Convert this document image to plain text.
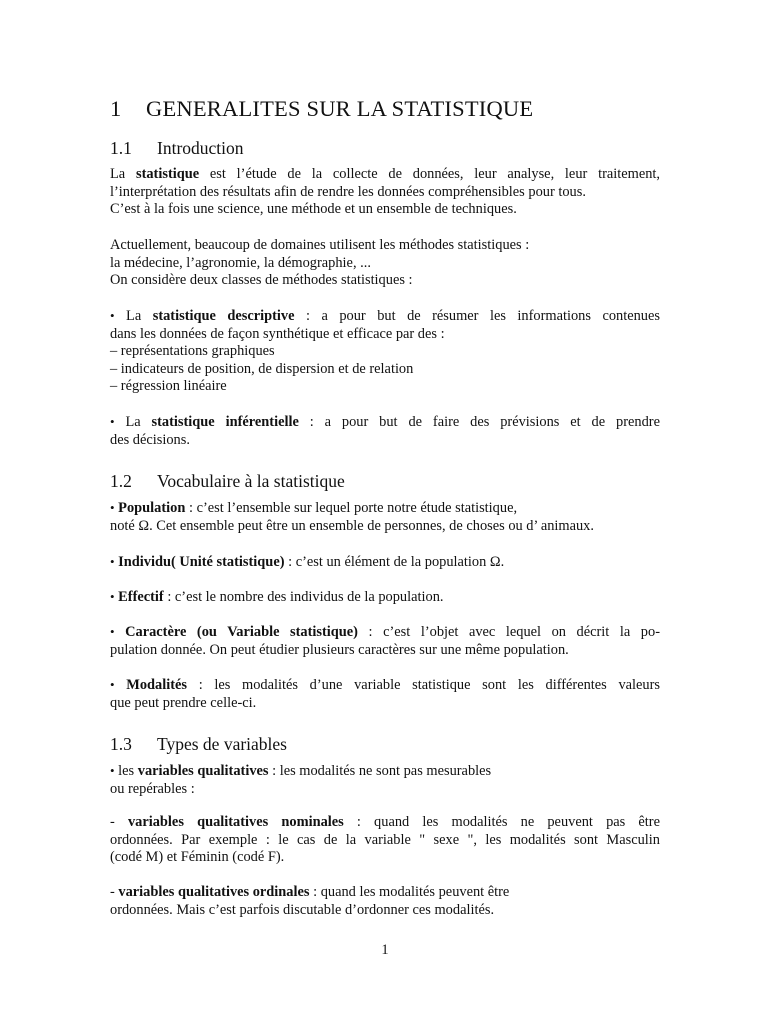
1 GENERALITES SUR LA STATISTIQUE
1.1 Introduction
La statistique est l’étude de la collecte de données, leur analyse, leur traitement,
l’interprétation des résultats afin de rendre les données compréhensibles pour tous.
C’est à la fois une science, une méthode et un ensemble de techniques.
Actuellement, beaucoup de domaines utilisent les méthodes statistiques :
la médecine, l’agronomie, la démographie, ...
On considère deux classes de méthodes statistiques :
• La statistique descriptive : a pour but de résumer les informations contenues
dans les données de façon synthétique et efficace par des :
– représentations graphiques
– indicateurs de position, de dispersion et de relation
– régression linéaire
• La statistique inférentielle : a pour but de faire des prévisions et de prendre
des décisions.
1.2 Vocabulaire à la statistique
• Population : c’est l’ensemble sur lequel porte notre étude statistique,
noté Ω. Cet ensemble peut être un ensemble de personnes, de choses ou d’ animaux.
• Individu( Unité statistique) : c’est un élément de la population Ω.
• Effectif : c’est le nombre des individus de la population.
• Caractère (ou Variable statistique) : c’est l’objet avec lequel on décrit la po-
pulation donnée. On peut étudier plusieurs caractères sur une même population.
• Modalités : les modalités d’une variable statistique sont les différentes valeurs
que peut prendre celle-ci.
1.3 Types de variables
• les variables qualitatives : les modalités ne sont pas mesurables
ou repérables :
- variables qualitatives nominales : quand les modalités ne peuvent pas être
ordonnées. Par exemple : le cas de la variable " sexe ", les modalités sont Masculin
(codé M) et Féminin (codé F).
- variables qualitatives ordinales : quand les modalités peuvent être
ordonnées. Mais c’est parfois discutable d’ordonner ces modalités.
1
